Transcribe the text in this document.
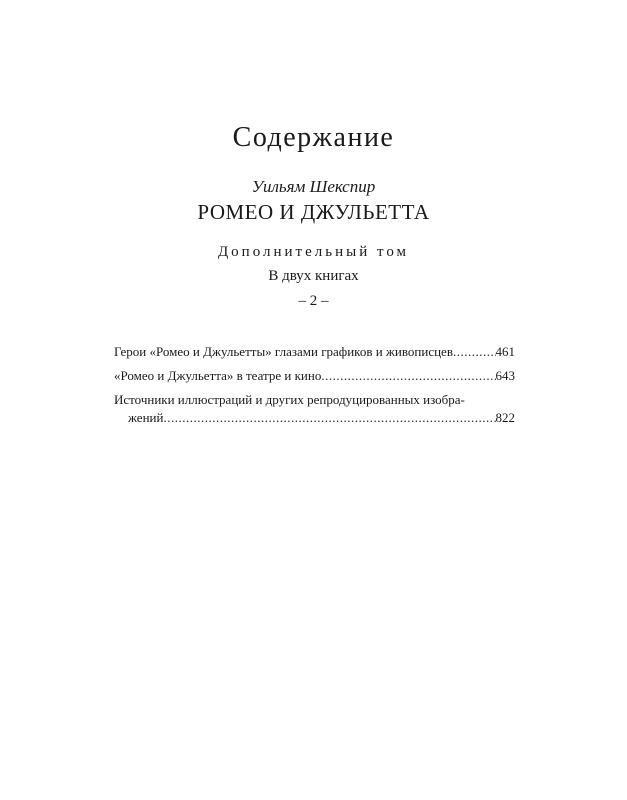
Содержание
Уильям Шекспир
РОМЕО И ДЖУЛЬЕТТА
Дополнительный том
В двух книгах
– 2 –
Герои «Ромео и Джульетты» глазами графиков и живописцев .....	461
«Ромео и Джульетта» в театре и кино .....	643
Источники иллюстраций и других репродуцированных изобра-
жений .....	822
